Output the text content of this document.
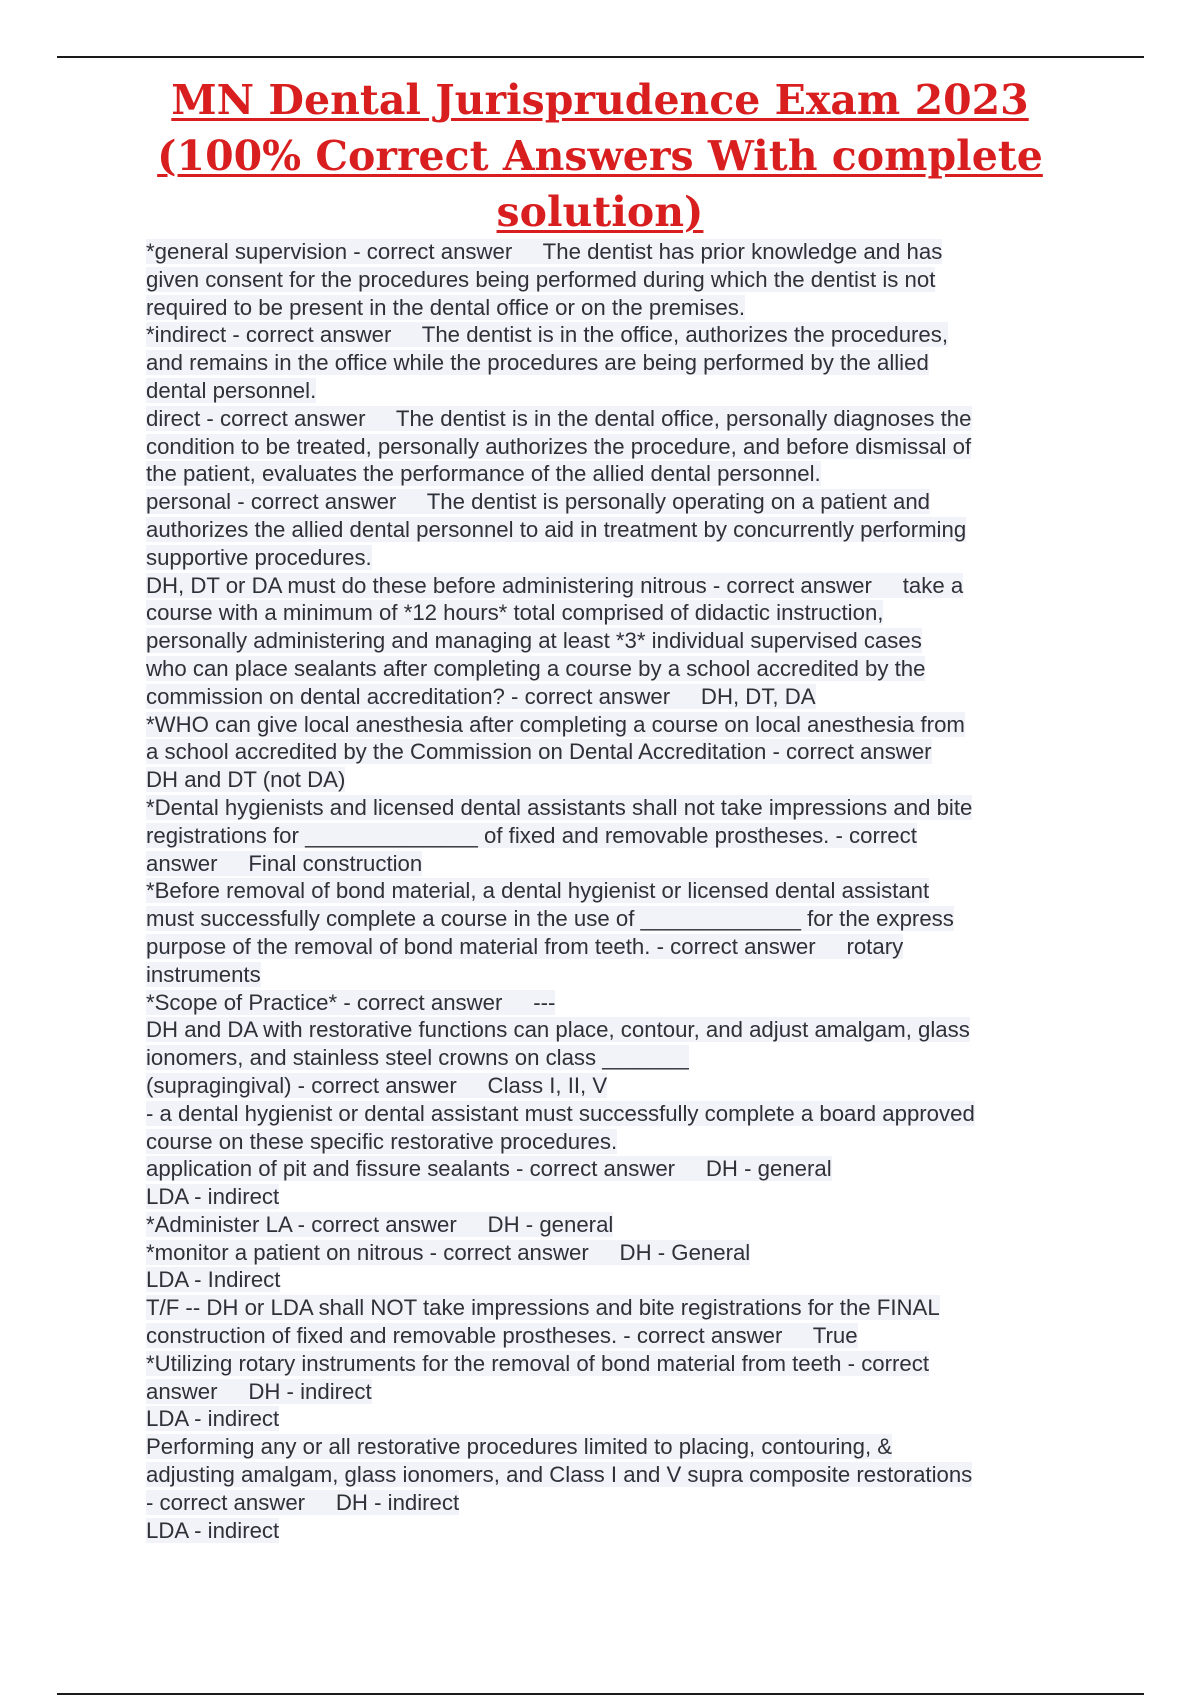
MN Dental Jurisprudence Exam 2023
(100% Correct Answers With complete
solution)
*general supervision - correct answer     The dentist has prior knowledge and has
given consent for the procedures being performed during which the dentist is not
required to be present in the dental office or on the premises.
*indirect - correct answer     The dentist is in the office, authorizes the procedures,
and remains in the office while the procedures are being performed by the allied
dental personnel.
direct - correct answer     The dentist is in the dental office, personally diagnoses the
condition to be treated, personally authorizes the procedure, and before dismissal of
the patient, evaluates the performance of the allied dental personnel.
personal - correct answer     The dentist is personally operating on a patient and
authorizes the allied dental personnel to aid in treatment by concurrently performing
supportive procedures.
DH, DT or DA must do these before administering nitrous - correct answer     take a
course with a minimum of *12 hours* total comprised of didactic instruction,
personally administering and managing at least *3* individual supervised cases
who can place sealants after completing a course by a school accredited by the
commission on dental accreditation? - correct answer     DH, DT, DA
*WHO can give local anesthesia after completing a course on local anesthesia from
a school accredited by the Commission on Dental Accreditation - correct answer
DH and DT (not DA)
*Dental hygienists and licensed dental assistants shall not take impressions and bite
registrations for ______________ of fixed and removable prostheses. - correct
answer     Final construction
*Before removal of bond material, a dental hygienist or licensed dental assistant
must successfully complete a course in the use of _____________ for the express
purpose of the removal of bond material from teeth. - correct answer     rotary
instruments
*Scope of Practice* - correct answer     ---
DH and DA with restorative functions can place, contour, and adjust amalgam, glass
ionomers, and stainless steel crowns on class _______
(supragingival) - correct answer     Class I, II, V
- a dental hygienist or dental assistant must successfully complete a board approved
course on these specific restorative procedures.
application of pit and fissure sealants - correct answer     DH - general
LDA - indirect
*Administer LA - correct answer     DH - general
*monitor a patient on nitrous - correct answer     DH - General
LDA - Indirect
T/F -- DH or LDA shall NOT take impressions and bite registrations for the FINAL
construction of fixed and removable prostheses. - correct answer     True
*Utilizing rotary instruments for the removal of bond material from teeth - correct
answer     DH - indirect
LDA - indirect
Performing any or all restorative procedures limited to placing, contouring, &
adjusting amalgam, glass ionomers, and Class I and V supra composite restorations
- correct answer     DH - indirect
LDA - indirect
